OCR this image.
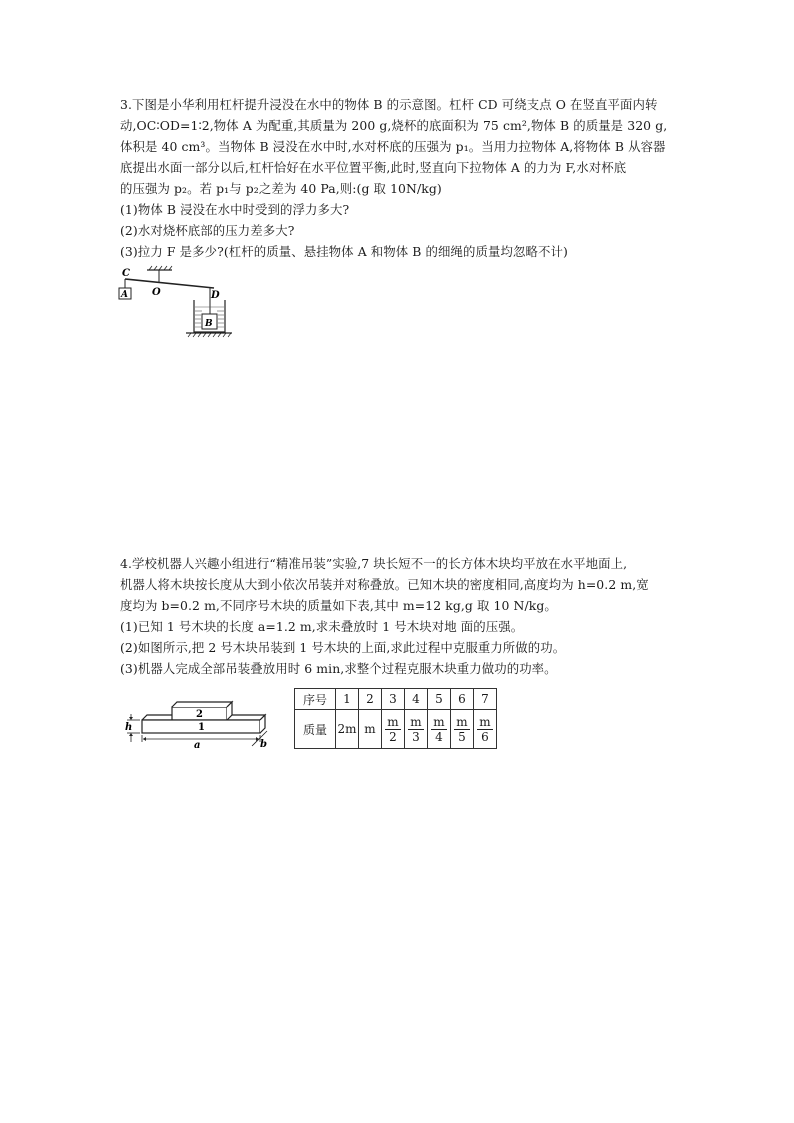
3.下图是小华利用杠杆提升浸没在水中的物体 B 的示意图。杠杆 CD 可绕支点 O 在竖直平面内转
动,OC∶OD=1∶2,物体 A 为配重,其质量为 200 g,烧杯的底面积为 75 cm²,物体 B 的质量是 320 g,
体积是 40 cm³。当物体 B 浸没在水中时,水对杯底的压强为 p₁。当用力拉物体 A,将物体 B 从容器
底提出水面一部分以后,杠杆恰好在水平位置平衡,此时,竖直向下拉物体 A 的力为 F,水对杯底
的压强为 p₂。若 p₁与 p₂之差为 40 Pa,则:(g 取 10N/kg)
(1)物体 B 浸没在水中时受到的浮力多大?
(2)水对烧杯底部的压力差多大?
(3)拉力 F 是多少?(杠杆的质量、悬挂物体 A 和物体 B 的细绳的质量均忽略不计)
C
O	D
A
B
4.学校机器人兴趣小组进行“精准吊装”实验,7 块长短不一的长方体木块均平放在水平地面上,
机器人将木块按长度从大到小依次吊装并对称叠放。已知木块的密度相同,高度均为 h=0.2 m,宽
度均为 b=0.2 m,不同序号木块的质量如下表,其中 m=12 kg,g 取 10 N/kg。
(1)已知 1 号木块的长度 a=1.2 m,求未叠放时 1 号木块对地 面的压强。
(2)如图所示,把 2 号木块吊装到 1 号木块的上面,求此过程中克服重力所做的功。
(3)机器人完成全部吊装叠放用时 6 min,求整个过程克服木块重力做功的功率。
2
1
h
a	b
序号	1	2	3	4	5	6	7
质量	2m	m	$\frac{m}{2}$	$\frac{m}{3}$	$\frac{m}{4}$	$\frac{m}{5}$	$\frac{m}{6}$
